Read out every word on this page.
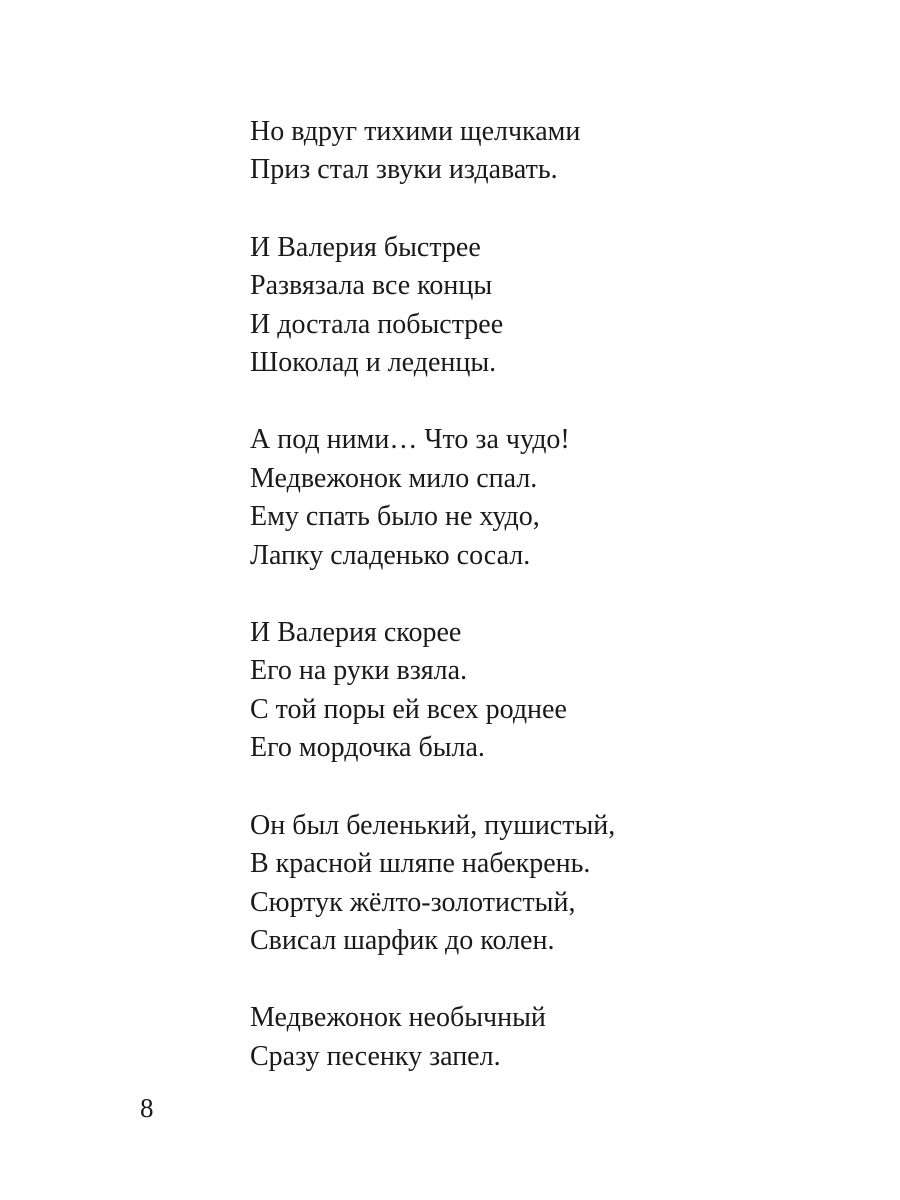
Но вдруг тихими щелчками
Приз стал звуки издавать.
И Валерия быстрее
Развязала все концы
И достала побыстрее
Шоколад и леденцы.
А под ними… Что за чудо!
Медвежонок мило спал.
Ему спать было не худо,
Лапку сладенько сосал.
И Валерия скорее
Его на руки взяла.
С той поры ей всех роднее
Его мордочка была.
Он был беленький, пушистый,
В красной шляпе набекрень.
Сюртук жёлто-золотистый,
Свисал шарфик до колен.
Медвежонок необычный
Сразу песенку запел.
8
